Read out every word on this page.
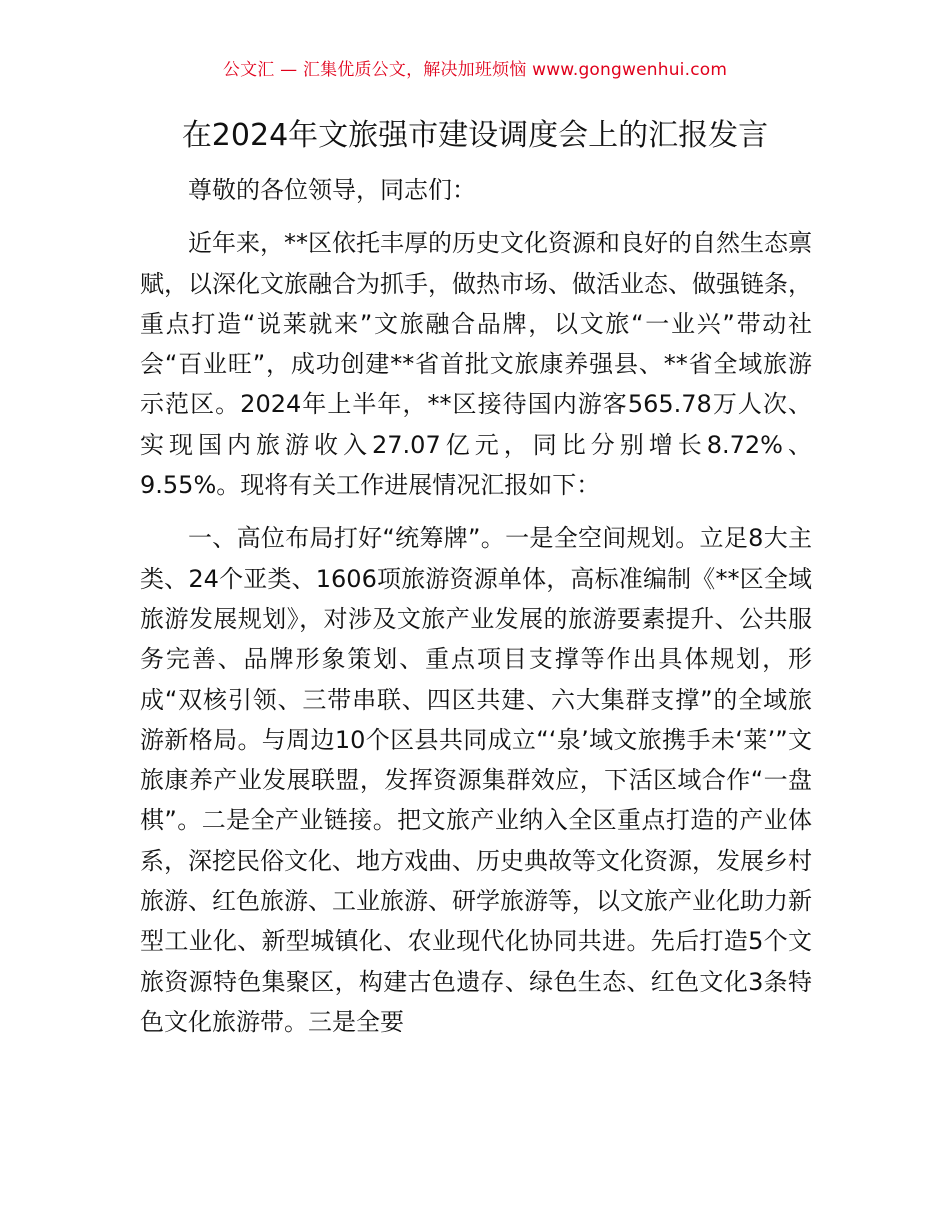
公文汇 — 汇集优质公文，解决加班烦恼 www.gongwenhui.com
在2024年文旅强市建设调度会上的汇报发言

尊敬的各位领导，同志们：

近年来，**区依托丰厚的历史文化资源和良好的自然生态禀赋，以深化文旅融合为抓手，做热市场、做活业态、做强链条，重点打造“说莱就来”文旅融合品牌，以文旅“一业兴”带动社会“百业旺”，成功创建**省首批文旅康养强县、**省全域旅游示范区。2024年上半年，**区接待国内游客565.78万人次、实现国内旅游收入27.07亿元，同比分别增长8.72%、9.55%。现将有关工作进展情况汇报如下：

一、高位布局打好“统筹牌”。一是全空间规划。立足8大主类、24个亚类、1606项旅游资源单体，高标准编制《**区全域旅游发展规划》，对涉及文旅产业发展的旅游要素提升、公共服务完善、品牌形象策划、重点项目支撑等作出具体规划，形成“双核引领、三带串联、四区共建、六大集群支撑”的全域旅游新格局。与周边10个区县共同成立“‘泉’域文旅携手未‘莱’”文旅康养产业发展联盟，发挥资源集群效应，下活区域合作“一盘棋”。二是全产业链接。把文旅产业纳入全区重点打造的产业体系，深挖民俗文化、地方戏曲、历史典故等文化资源，发展乡村旅游、红色旅游、工业旅游、研学旅游等，以文旅产业化助力新型工业化、新型城镇化、农业现代化协同共进。先后打造5个文旅资源特色集聚区，构建古色遗存、绿色生态、红色文化3条特色文化旅游带。三是全要
